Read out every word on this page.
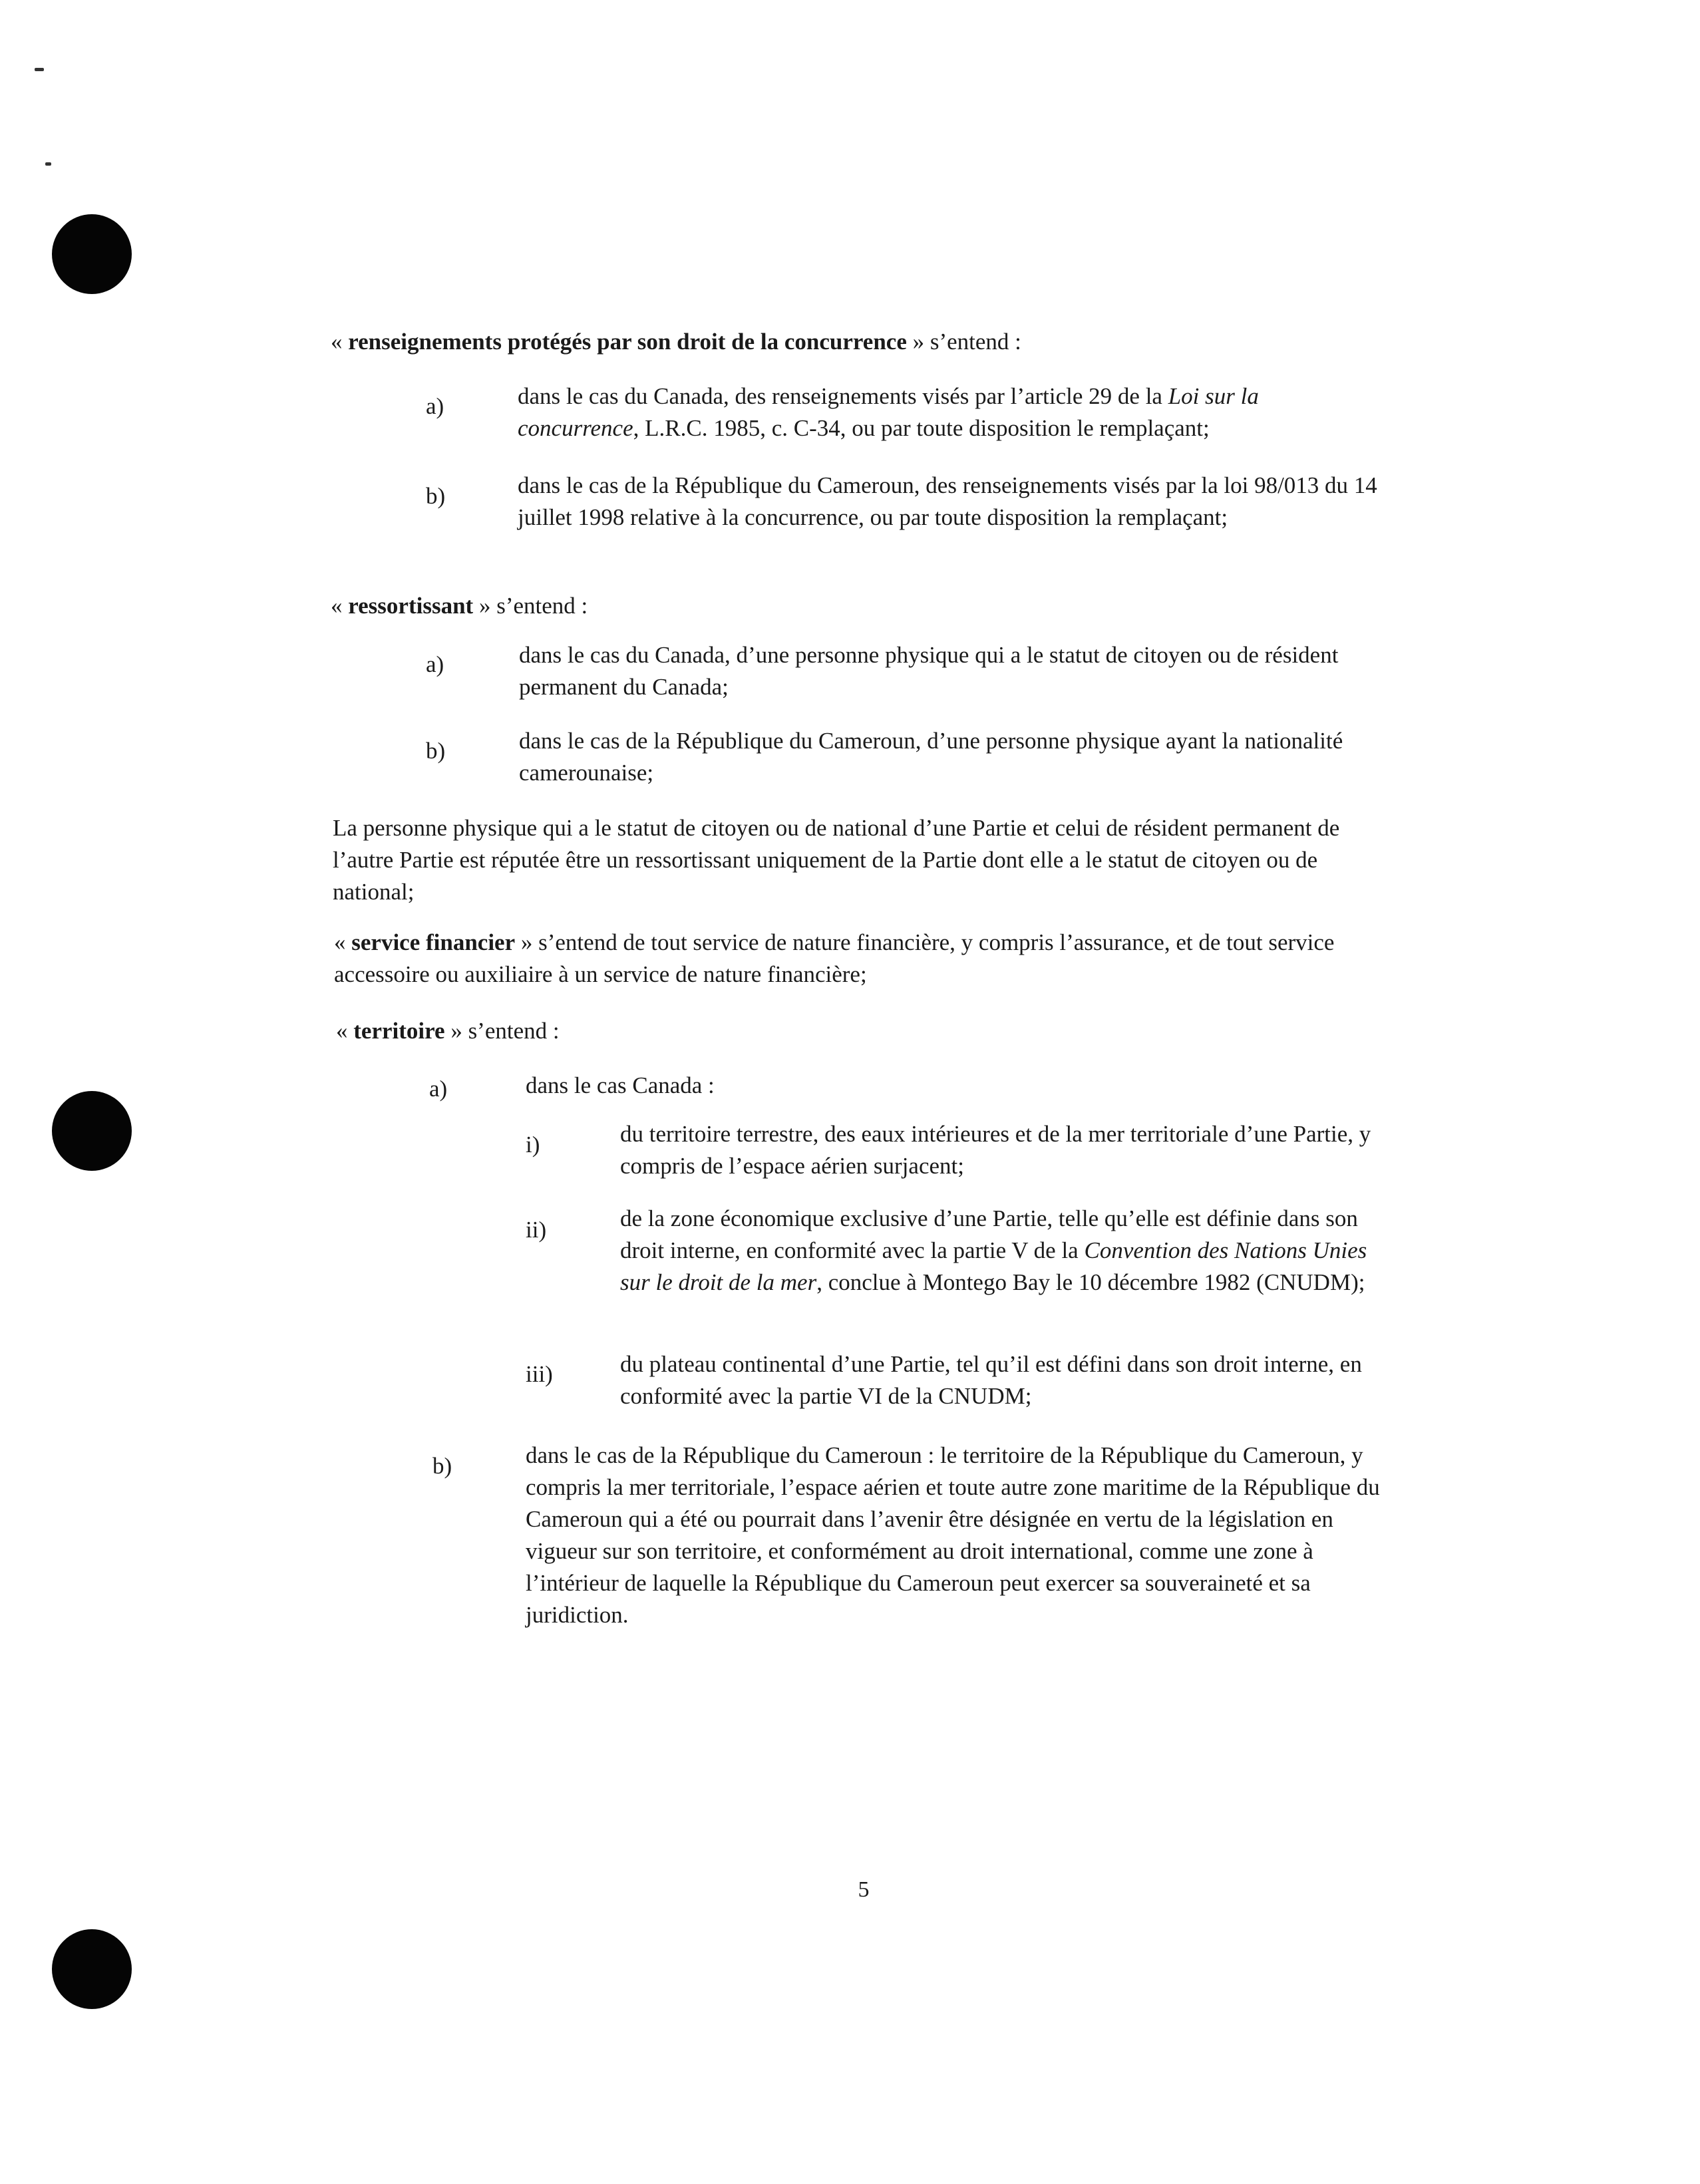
« renseignements protégés par son droit de la concurrence » s’entend :

a)	dans le cas du Canada, des renseignements visés par l’article 29 de la Loi sur la concurrence, L.R.C. 1985, c. C-34, ou par toute disposition le remplaçant;
b)	dans le cas de la République du Cameroun, des renseignements visés par la loi 98/013 du 14 juillet 1998 relative à la concurrence, ou par toute disposition la remplaçant;

« ressortissant » s’entend :

a)	dans le cas du Canada, d’une personne physique qui a le statut de citoyen ou de résident permanent du Canada;
b)	dans le cas de la République du Cameroun, d’une personne physique ayant la nationalité camerounaise;

La personne physique qui a le statut de citoyen ou de national d’une Partie et celui de résident permanent de l’autre Partie est réputée être un ressortissant uniquement de la Partie dont elle a le statut de citoyen ou de national;

« service financier » s’entend de tout service de nature financière, y compris l’assurance, et de tout service accessoire ou auxiliaire à un service de nature financière;

« territoire » s’entend :

a)	dans le cas Canada :
i)	du territoire terrestre, des eaux intérieures et de la mer territoriale d’une Partie, y compris de l’espace aérien surjacent;
ii)	de la zone économique exclusive d’une Partie, telle qu’elle est définie dans son droit interne, en conformité avec la partie V de la Convention des Nations Unies sur le droit de la mer, conclue à Montego Bay le 10 décembre 1982 (CNUDM);
iii)	du plateau continental d’une Partie, tel qu’il est défini dans son droit interne, en conformité avec la partie VI de la CNUDM;
b)	dans le cas de la République du Cameroun : le territoire de la République du Cameroun, y compris la mer territoriale, l’espace aérien et toute autre zone maritime de la République du Cameroun qui a été ou pourrait dans l’avenir être désignée en vertu de la législation en vigueur sur son territoire, et conformément au droit international, comme une zone à l’intérieur de laquelle la République du Cameroun peut exercer sa souveraineté et sa juridiction.
5
